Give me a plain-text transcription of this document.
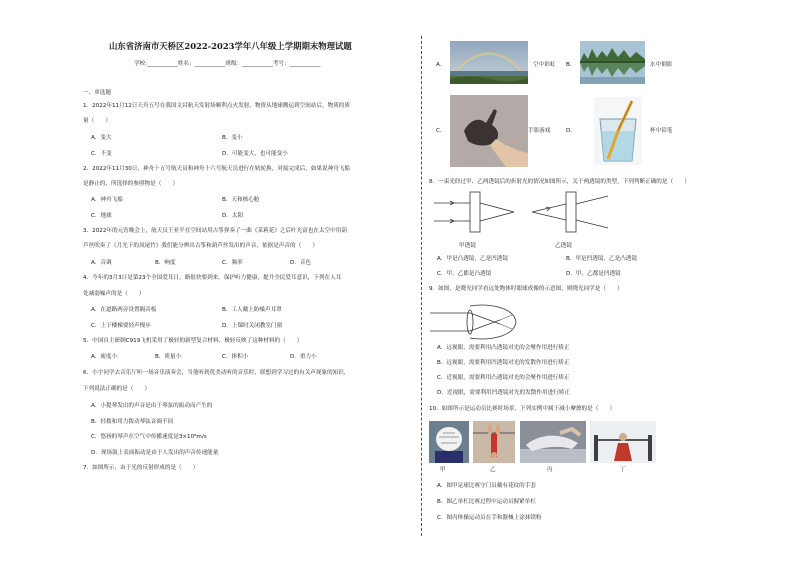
山东省济南市天桥区2022-2023学年八年级上学期期末物理试题
学校:___________姓名：___________班级：___________考号：___________
一、单选题
1．2022年11月12日天舟五号在我国文昌航天发射场顺利点火发射，物资从地球搬运到空间站后，物质的质
量（　　）
A．变大	B．变小
C．不变	D．可能变大，也可能变小
2．2022年11月30日，神舟十五号航天员和神舟十六号航天员进行在轨轮换，对接完成后，如果说神舟飞船
是静止的，所选择的参照物是（　　）
A．神舟飞船	B．天和核心舱
C．地球	D．太阳
3．2022年的元宵晚会上，航天员王亚平在空间站用古筝弹奏了一曲《茉莉花》之后叶光富也在太空中用葫
芦丝吹奏了《月光下的凤尾竹》我们能分辨出古筝和葫芦丝发出的声音，依据是声音的（　　）
A．音调	B．响度	C．频率	D．音色
4．今年的3月3日是第23个全国爱耳日，路很快要到来。保护听力健康，提升全民爱耳意识，下列在人耳
处减弱噪声的是（　　）
A．在道路两旁设置隔音板	B．工人戴上防噪声耳罩
C．上下楼梯要轻声慢步	D．上课时关闭教室门窗
5．中国自主研制C919飞机采用了极轻的新型复合材料，极轻反映了这种材料的（　　）
A．密度小	B．质量小	C．体积小	D．重力小
6．小宇同学去音乐厅听一场音乐演奏会，当他听到优美动听的音乐时，联想到学习过的有关声现象的知识，
下列说法正确的是（　　）
A．小提琴发出的声音是由于琴弦的振动而产生的
B．轻拨和用力拨动琴弦音调不同
C．悠扬的琴声在空气中传播速度是3×10⁸m/s
D．现场鼓上表面振动是由于人发出的声音传递能量
7．如图所示，由于光的反射形成的是（　　）
A．	空中彩虹 B．	水中倒影
C．	手影游戏	D．	杯中铅笔
8．一束光经过甲、乙两透镜后的折射光的情况如图所示，关于两透镜的类型，下列判断正确的是（　　）
甲透镜	乙透镜
A．甲是凸透镜，乙是凹透镜	B．甲是凹透镜，乙是凸透镜
C．甲、乙都是凸透镜	D．甲、乙都是凹透镜
9．如图，是晓光同学看远处物体时眼球成像的示意图，则晓光同学是（　　）
A．远视眼，需要利用凸透镜对光的会聚作用进行矫正
B．远视眼，需要利用凹透镜对光的发散作用进行矫正
C．近视眼，需要利用凸透镜对光的会聚作用进行矫正
D．近视眼，需要利用凹透镜对光的发散作用进行矫正
10．如图所示是运动员比赛时场景，下列实例中属于减小摩擦的是（　　）
甲	乙	丙	丁
A．图甲足球比赛守门员戴有花纹的手套
B．图乙单杠比赛过程中运动员握紧单杠
C．图丙体操运动员在手和器械上涂抹镁粉
